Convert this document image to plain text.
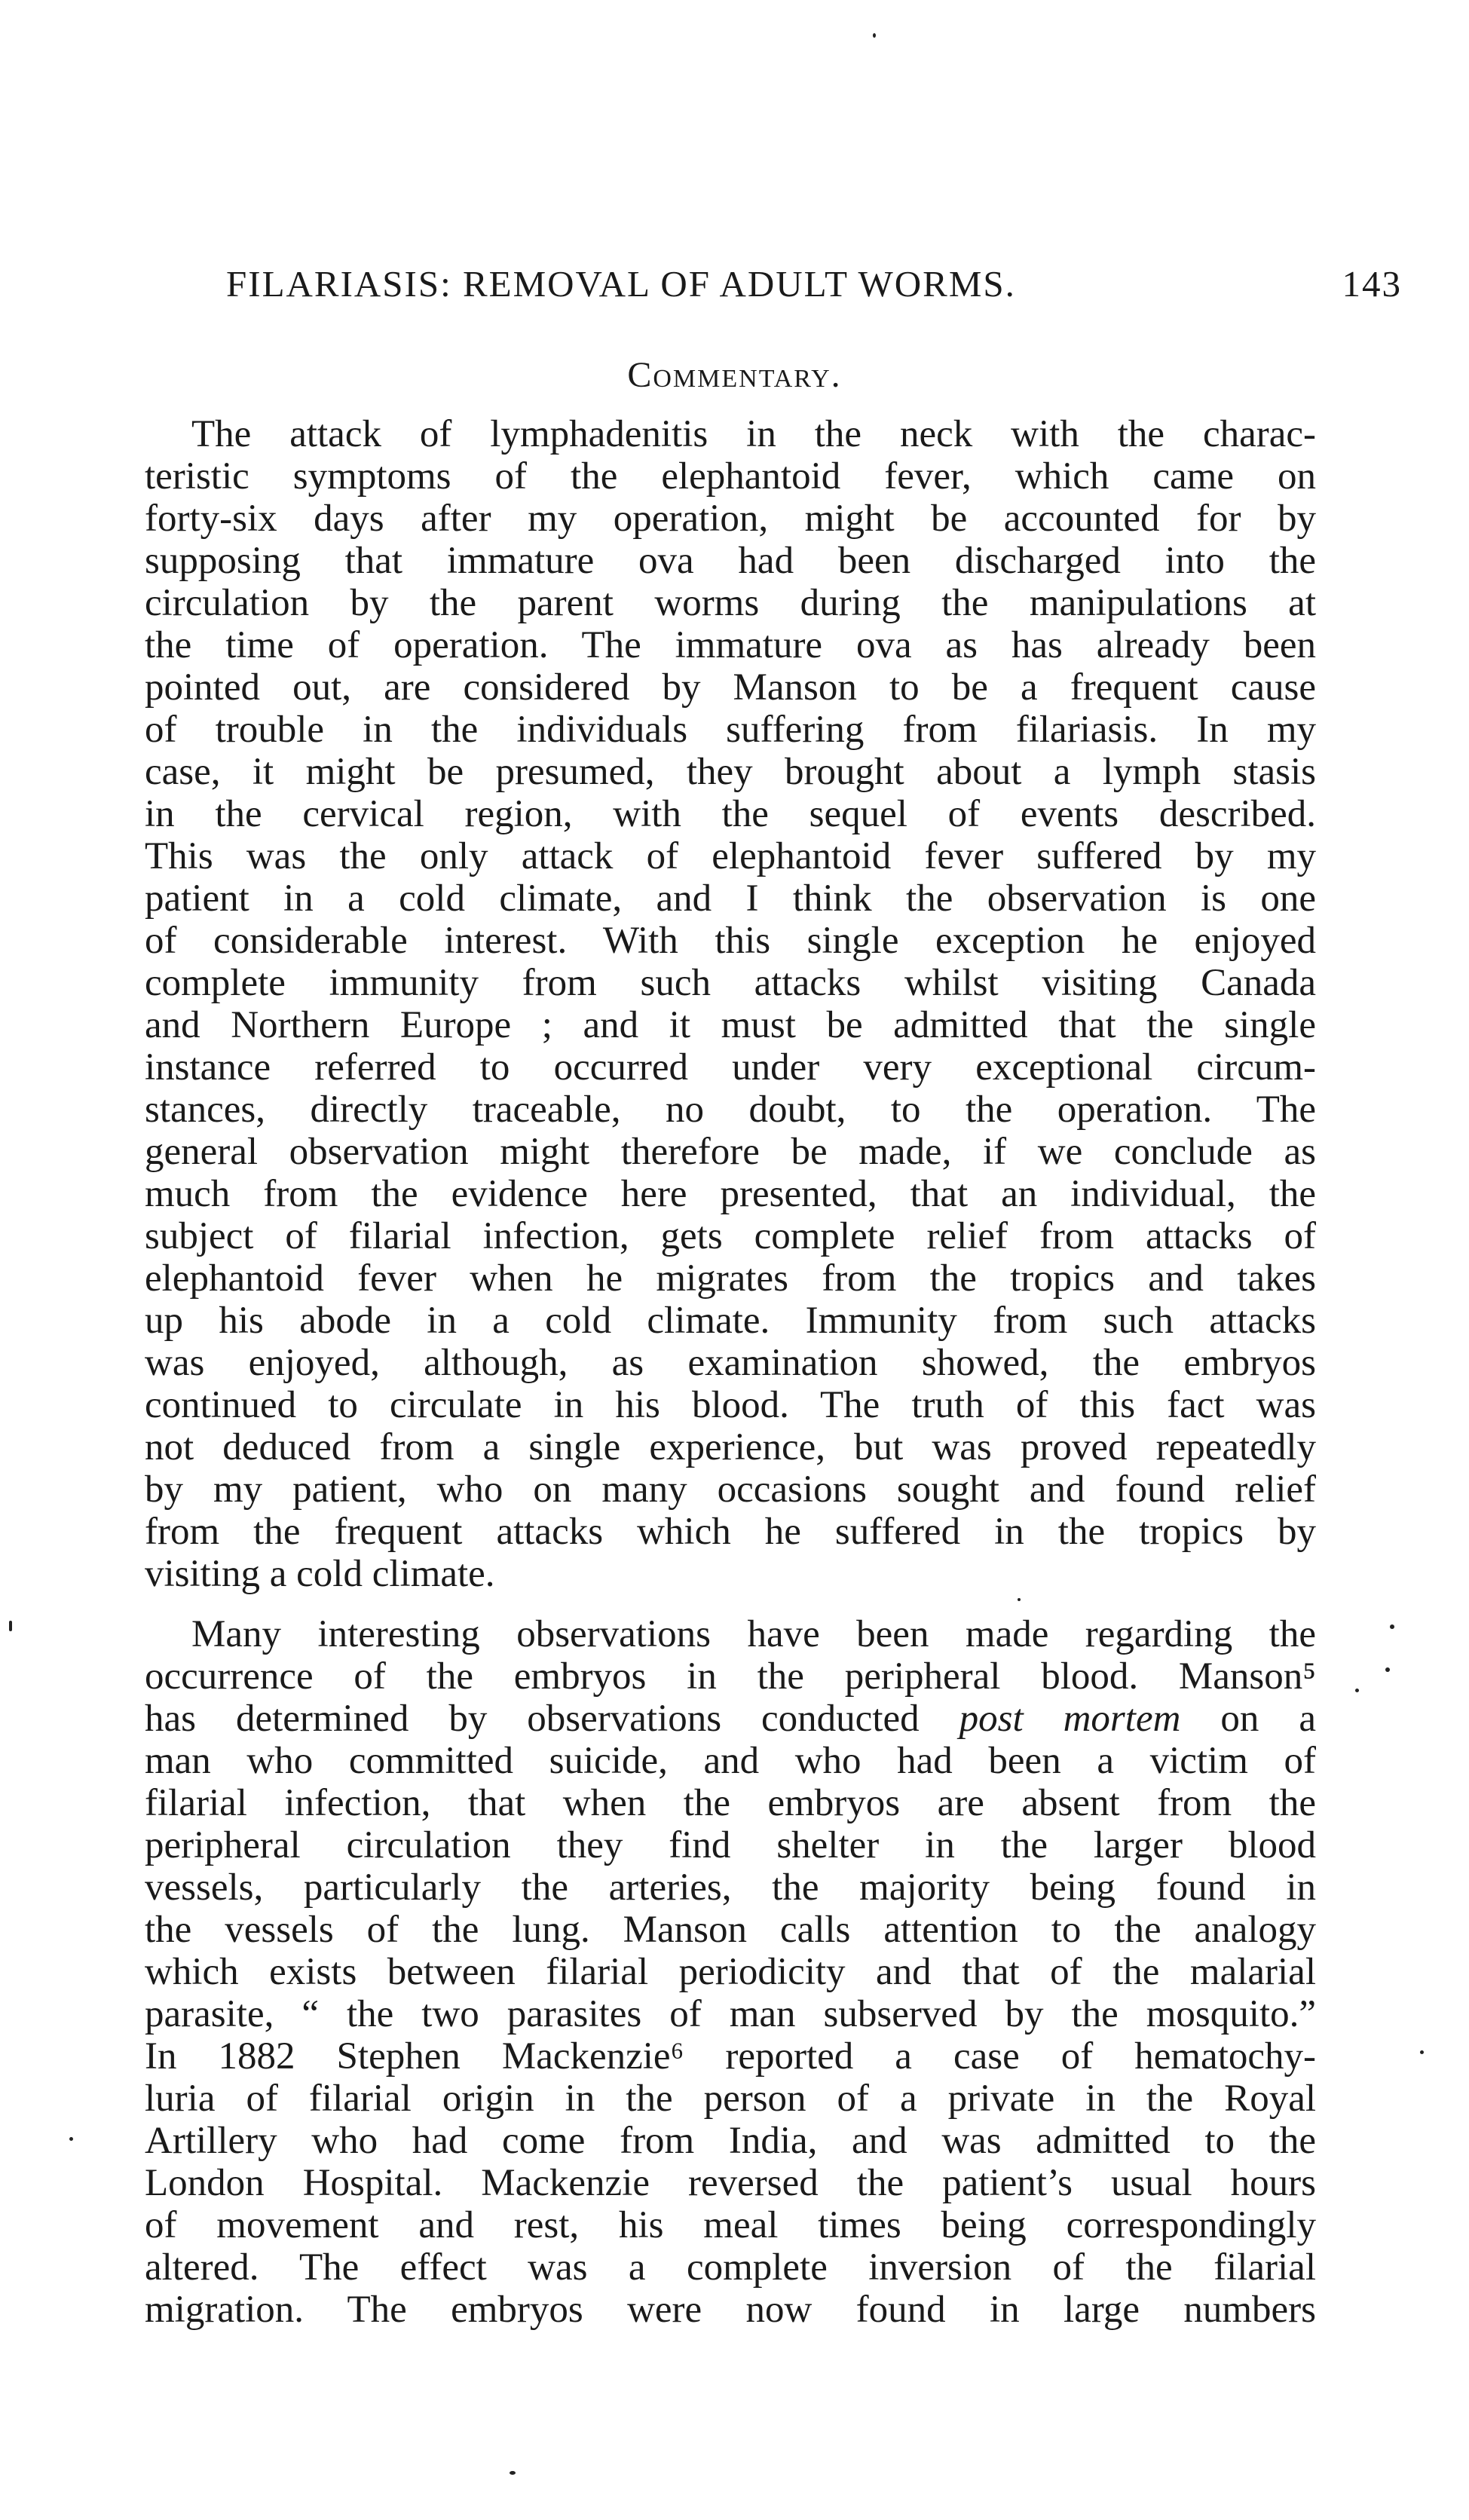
FILARIASIS: REMOVAL OF ADULT WORMS.	143
Commentary.
The attack of lymphadenitis in the neck with the charac-
teristic symptoms of the elephantoid fever, which came on
forty-six days after my operation, might be accounted for by
supposing that immature ova had been discharged into the
circulation by the parent worms during the manipulations at
the time of operation. The immature ova as has already been
pointed out, are considered by Manson to be a frequent cause
of trouble in the individuals suffering from filariasis. In my
case, it might be presumed, they brought about a lymph stasis
in the cervical region, with the sequel of events described.
This was the only attack of elephantoid fever suffered by my
patient in a cold climate, and I think the observation is one
of considerable interest. With this single exception he enjoyed
complete immunity from such attacks whilst visiting Canada
and Northern Europe ; and it must be admitted that the single
instance referred to occurred under very exceptional circum-
stances, directly traceable, no doubt, to the operation. The
general observation might therefore be made, if we conclude as
much from the evidence here presented, that an individual, the
subject of filarial infection, gets complete relief from attacks of
elephantoid fever when he migrates from the tropics and takes
up his abode in a cold climate. Immunity from such attacks
was enjoyed, although, as examination showed, the embryos
continued to circulate in his blood. The truth of this fact was
not deduced from a single experience, but was proved repeatedly
by my patient, who on many occasions sought and found relief
from the frequent attacks which he suffered in the tropics by
visiting a cold climate.
Many interesting observations have been made regarding the
occurrence of the embryos in the peripheral blood. Manson⁵
has determined by observations conducted post mortem on a
man who committed suicide, and who had been a victim of
filarial infection, that when the embryos are absent from the
peripheral circulation they find shelter in the larger blood
vessels, particularly the arteries, the majority being found in
the vessels of the lung. Manson calls attention to the analogy
which exists between filarial periodicity and that of the malarial
parasite, “ the two parasites of man subserved by the mosquito.”
In 1882 Stephen Mackenzie⁶ reported a case of hematochy-
luria of filarial origin in the person of a private in the Royal
Artillery who had come from India, and was admitted to the
London Hospital. Mackenzie reversed the patient’s usual hours
of movement and rest, his meal times being correspondingly
altered. The effect was a complete inversion of the filarial
migration. The embryos were now found in large numbers
